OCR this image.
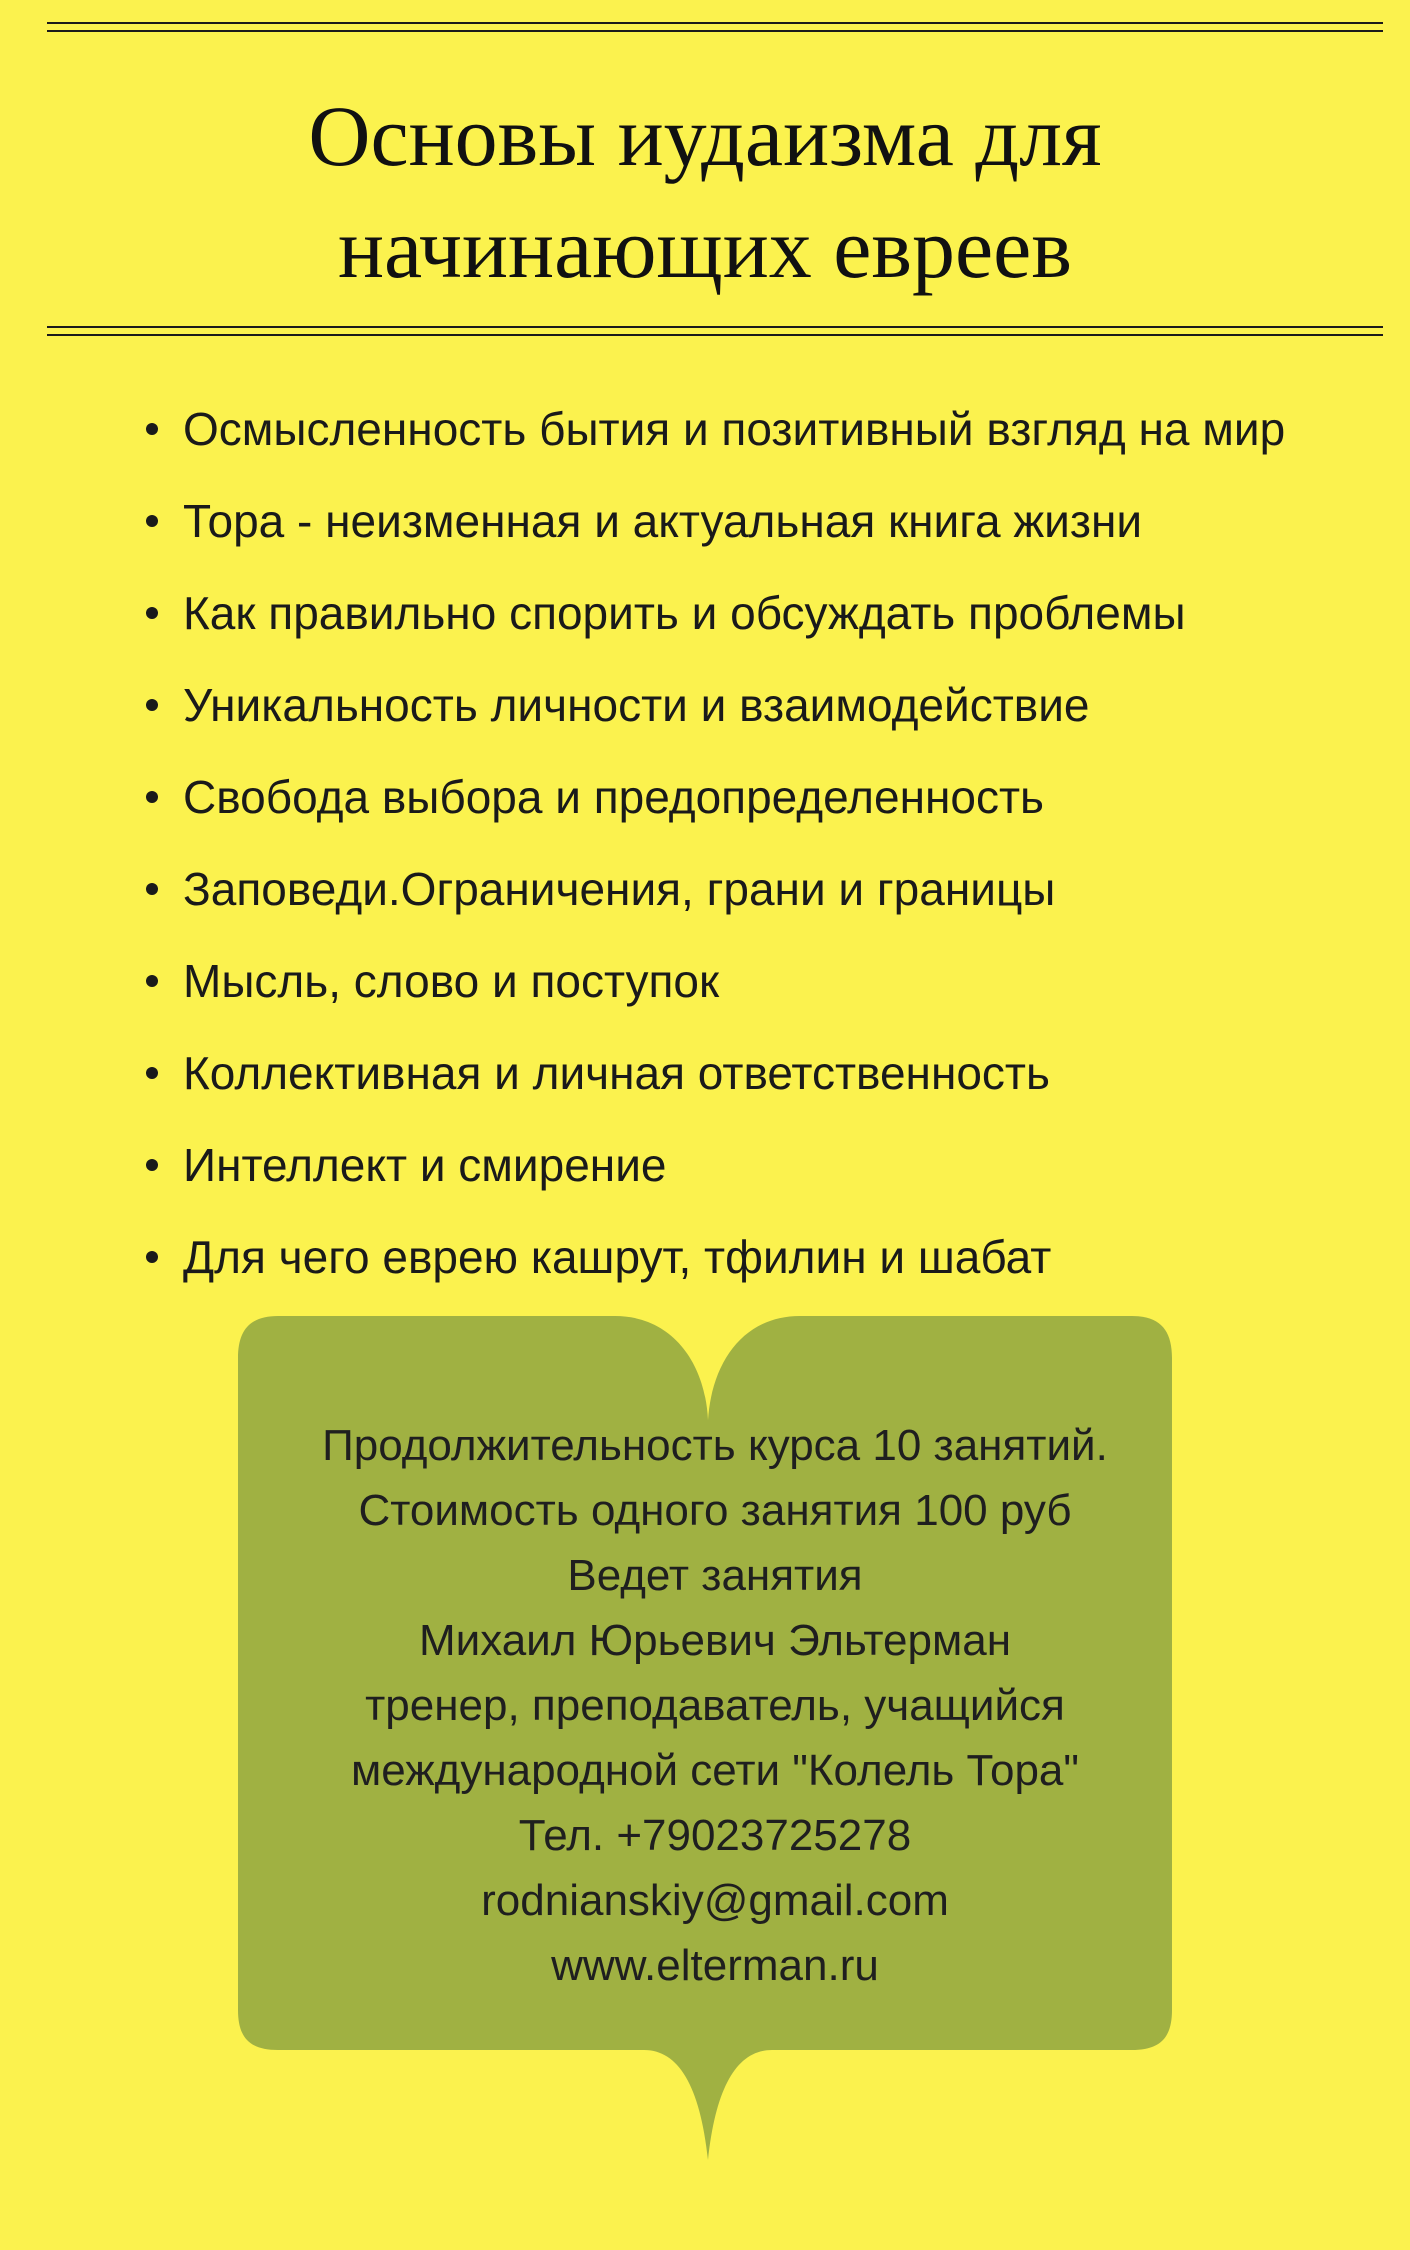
Основы иудаизма для
начинающих евреев
Осмысленность бытия и позитивный взгляд на мир
Тора - неизменная и актуальная книга жизни
Как правильно спорить и обсуждать проблемы
Уникальность личности и взаимодействие
Свобода выбора и предопределенность
Заповеди.Ограничения, грани и границы
Мысль, слово и поступок
Коллективная и личная ответственность
Интеллект и смирение
Для чего еврею кашрут, тфилин и шабат
Продолжительность курса 10 занятий.
Стоимость одного занятия 100 руб
Ведет занятия
Михаил Юрьевич Эльтерман
тренер, преподаватель, учащийся
международной сети "Колель Тора"
Тел. +79023725278
rodnianskiy@gmail.com
www.elterman.ru
